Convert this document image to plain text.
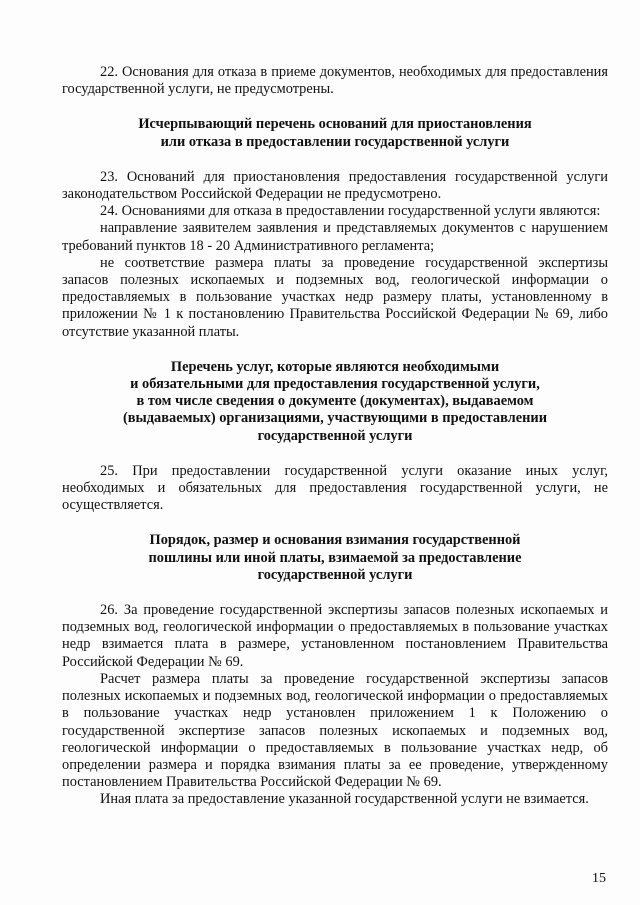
22. Основания для отказа в приеме документов, необходимых для предоставления государственной услуги, не предусмотрены.

Исчерпывающий перечень оснований для приостановления
или отказа в предоставлении государственной услуги

23. Оснований для приостановления предоставления государственной услуги законодательством Российской Федерации не предусмотрено.

24. Основаниями для отказа в предоставлении государственной услуги являются:

направление заявителем заявления и представляемых документов с нарушением требований пунктов 18 - 20 Административного регламента;

не соответствие размера платы за проведение государственной экспертизы запасов полезных ископаемых и подземных вод, геологической информации о предоставляемых в пользование участках недр размеру платы, установленному в приложении № 1 к постановлению Правительства Российской Федерации № 69, либо отсутствие указанной платы.

Перечень услуг, которые являются необходимыми
и обязательными для предоставления государственной услуги,
в том числе сведения о документе (документах), выдаваемом
(выдаваемых) организациями, участвующими в предоставлении
государственной услуги

25. При предоставлении государственной услуги оказание иных услуг, необходимых и обязательных для предоставления государственной услуги, не осуществляется.

Порядок, размер и основания взимания государственной
пошлины или иной платы, взимаемой за предоставление
государственной услуги

26. За проведение государственной экспертизы запасов полезных ископаемых и подземных вод, геологической информации о предоставляемых в пользование участках недр взимается плата в размере, установленном постановлением Правительства Российской Федерации № 69.

Расчет размера платы за проведение государственной экспертизы запасов полезных ископаемых и подземных вод, геологической информации о предоставляемых в пользование участках недр установлен приложением 1 к Положению о государственной экспертизе запасов полезных ископаемых и подземных вод, геологической информации о предоставляемых в пользование участках недр, об определении размера и порядка взимания платы за ее проведение, утвержденному постановлением Правительства Российской Федерации № 69.

Иная плата за предоставление указанной государственной услуги не взимается.

15
